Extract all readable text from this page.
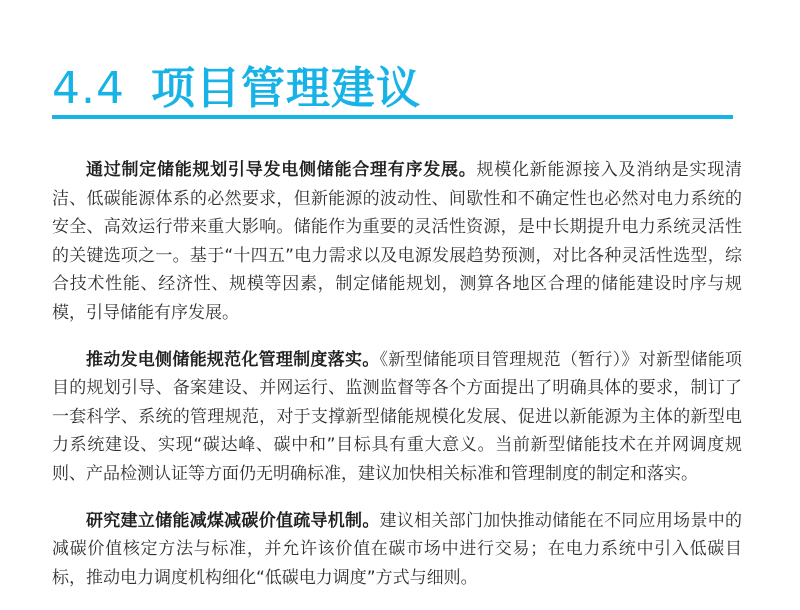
4.4 项目管理建议

通过制定储能规划引导发电侧储能合理有序发展。规模化新能源接入及消纳是实现清洁、低碳能源体系的必然要求，但新能源的波动性、间歇性和不确定性也必然对电力系统的安全、高效运行带来重大影响。储能作为重要的灵活性资源，是中长期提升电力系统灵活性的关键选项之一。基于“十四五”电力需求以及电源发展趋势预测，对比各种灵活性选型，综合技术性能、经济性、规模等因素，制定储能规划，测算各地区合理的储能建设时序与规模，引导储能有序发展。

推动发电侧储能规范化管理制度落实。《新型储能项目管理规范（暂行）》对新型储能项目的规划引导、备案建设、并网运行、监测监督等各个方面提出了明确具体的要求，制订了一套科学、系统的管理规范，对于支撑新型储能规模化发展、促进以新能源为主体的新型电力系统建设、实现“碳达峰、碳中和”目标具有重大意义。当前新型储能技术在并网调度规则、产品检测认证等方面仍无明确标准，建议加快相关标准和管理制度的制定和落实。

研究建立储能减煤减碳价值疏导机制。建议相关部门加快推动储能在不同应用场景中的减碳价值核定方法与标准，并允许该价值在碳市场中进行交易；在电力系统中引入低碳目标，推动电力调度机构细化“低碳电力调度”方式与细则。
